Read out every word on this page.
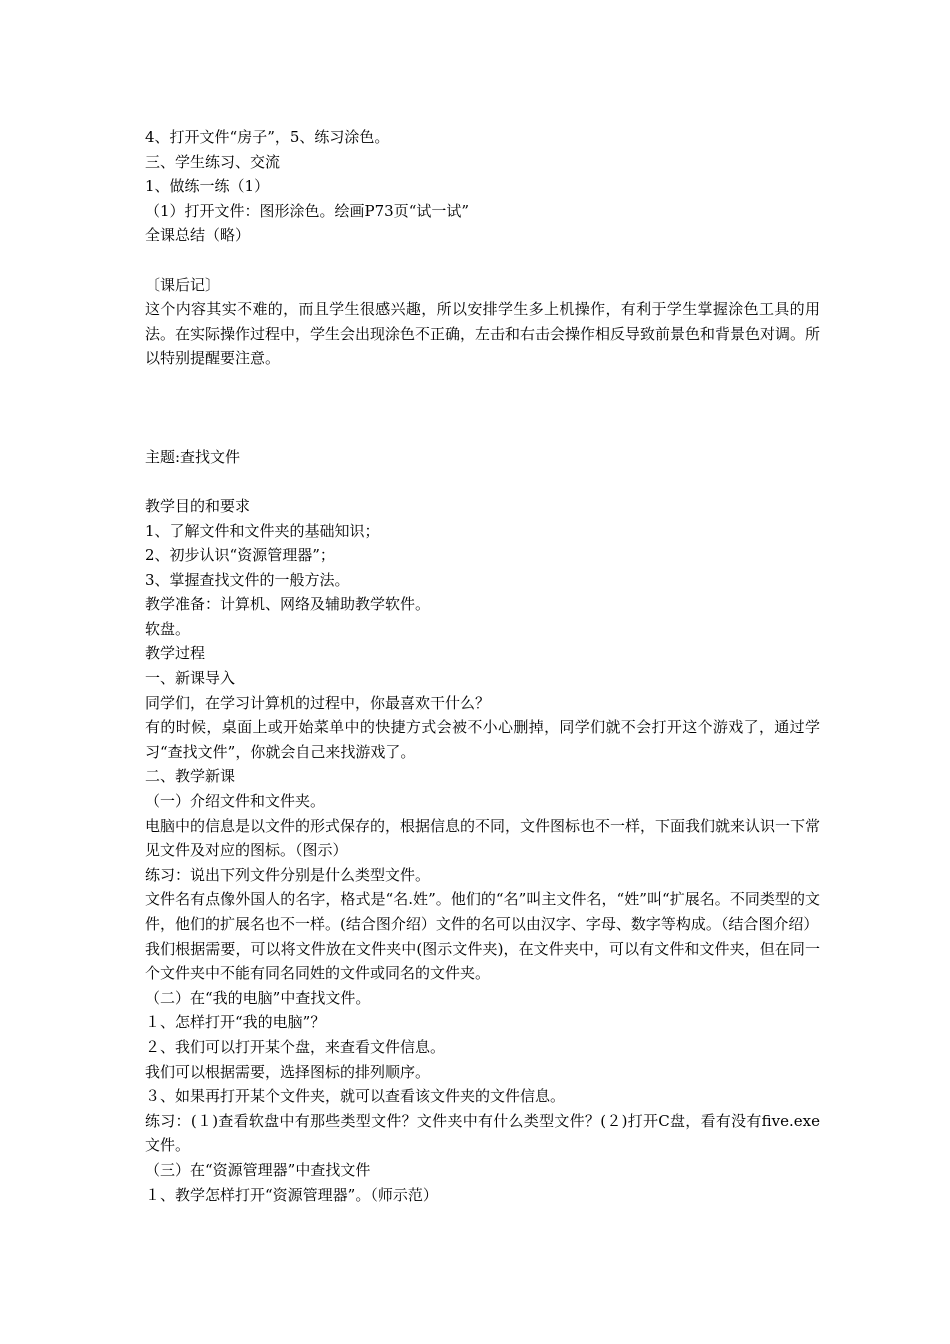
4、打开文件“房子”，5、练习涂色。
三、学生练习、交流
1、做练一练（1）
（1）打开文件：图形涂色。绘画P73页“试一试”
全课总结（略）
〔课后记〕
这个内容其实不难的，而且学生很感兴趣，所以安排学生多上机操作，有利于学生掌握涂色工具的用法。在实际操作过程中，学生会出现涂色不正确，左击和右击会操作相反导致前景色和背景色对调。所以特别提醒要注意。
主题:查找文件
教学目的和要求
1、了解文件和文件夹的基础知识；
2、初步认识“资源管理器”；
3、掌握查找文件的一般方法。
教学准备：计算机、网络及辅助教学软件。
软盘。
教学过程
一、新课导入
同学们，在学习计算机的过程中，你最喜欢干什么？
有的时候，桌面上或开始菜单中的快捷方式会被不小心删掉，同学们就不会打开这个游戏了，通过学习“查找文件”，你就会自己来找游戏了。
二、教学新课
（一）介绍文件和文件夹。
电脑中的信息是以文件的形式保存的，根据信息的不同，文件图标也不一样，下面我们就来认识一下常见文件及对应的图标。（图示）
练习：说出下列文件分别是什么类型文件。
文件名有点像外国人的名字，格式是“名.姓”。他们的“名”叫主文件名，“姓”叫“扩展名。不同类型的文件，他们的扩展名也不一样。(结合图介绍）文件的名可以由汉字、字母、数字等构成。（结合图介绍）
我们根据需要，可以将文件放在文件夹中(图示文件夹)，在文件夹中，可以有文件和文件夹，但在同一个文件夹中不能有同名同姓的文件或同名的文件夹。
（二）在“我的电脑”中查找文件。
１、怎样打开“我的电脑”？
２、我们可以打开某个盘，来查看文件信息。
我们可以根据需要，选择图标的排列顺序。
３、如果再打开某个文件夹，就可以查看该文件夹的文件信息。
练习：(１)查看软盘中有那些类型文件？文件夹中有什么类型文件？(２)打开C盘，看有没有five.exe文件。
（三）在“资源管理器”中查找文件
１、教学怎样打开“资源管理器”。（师示范）
